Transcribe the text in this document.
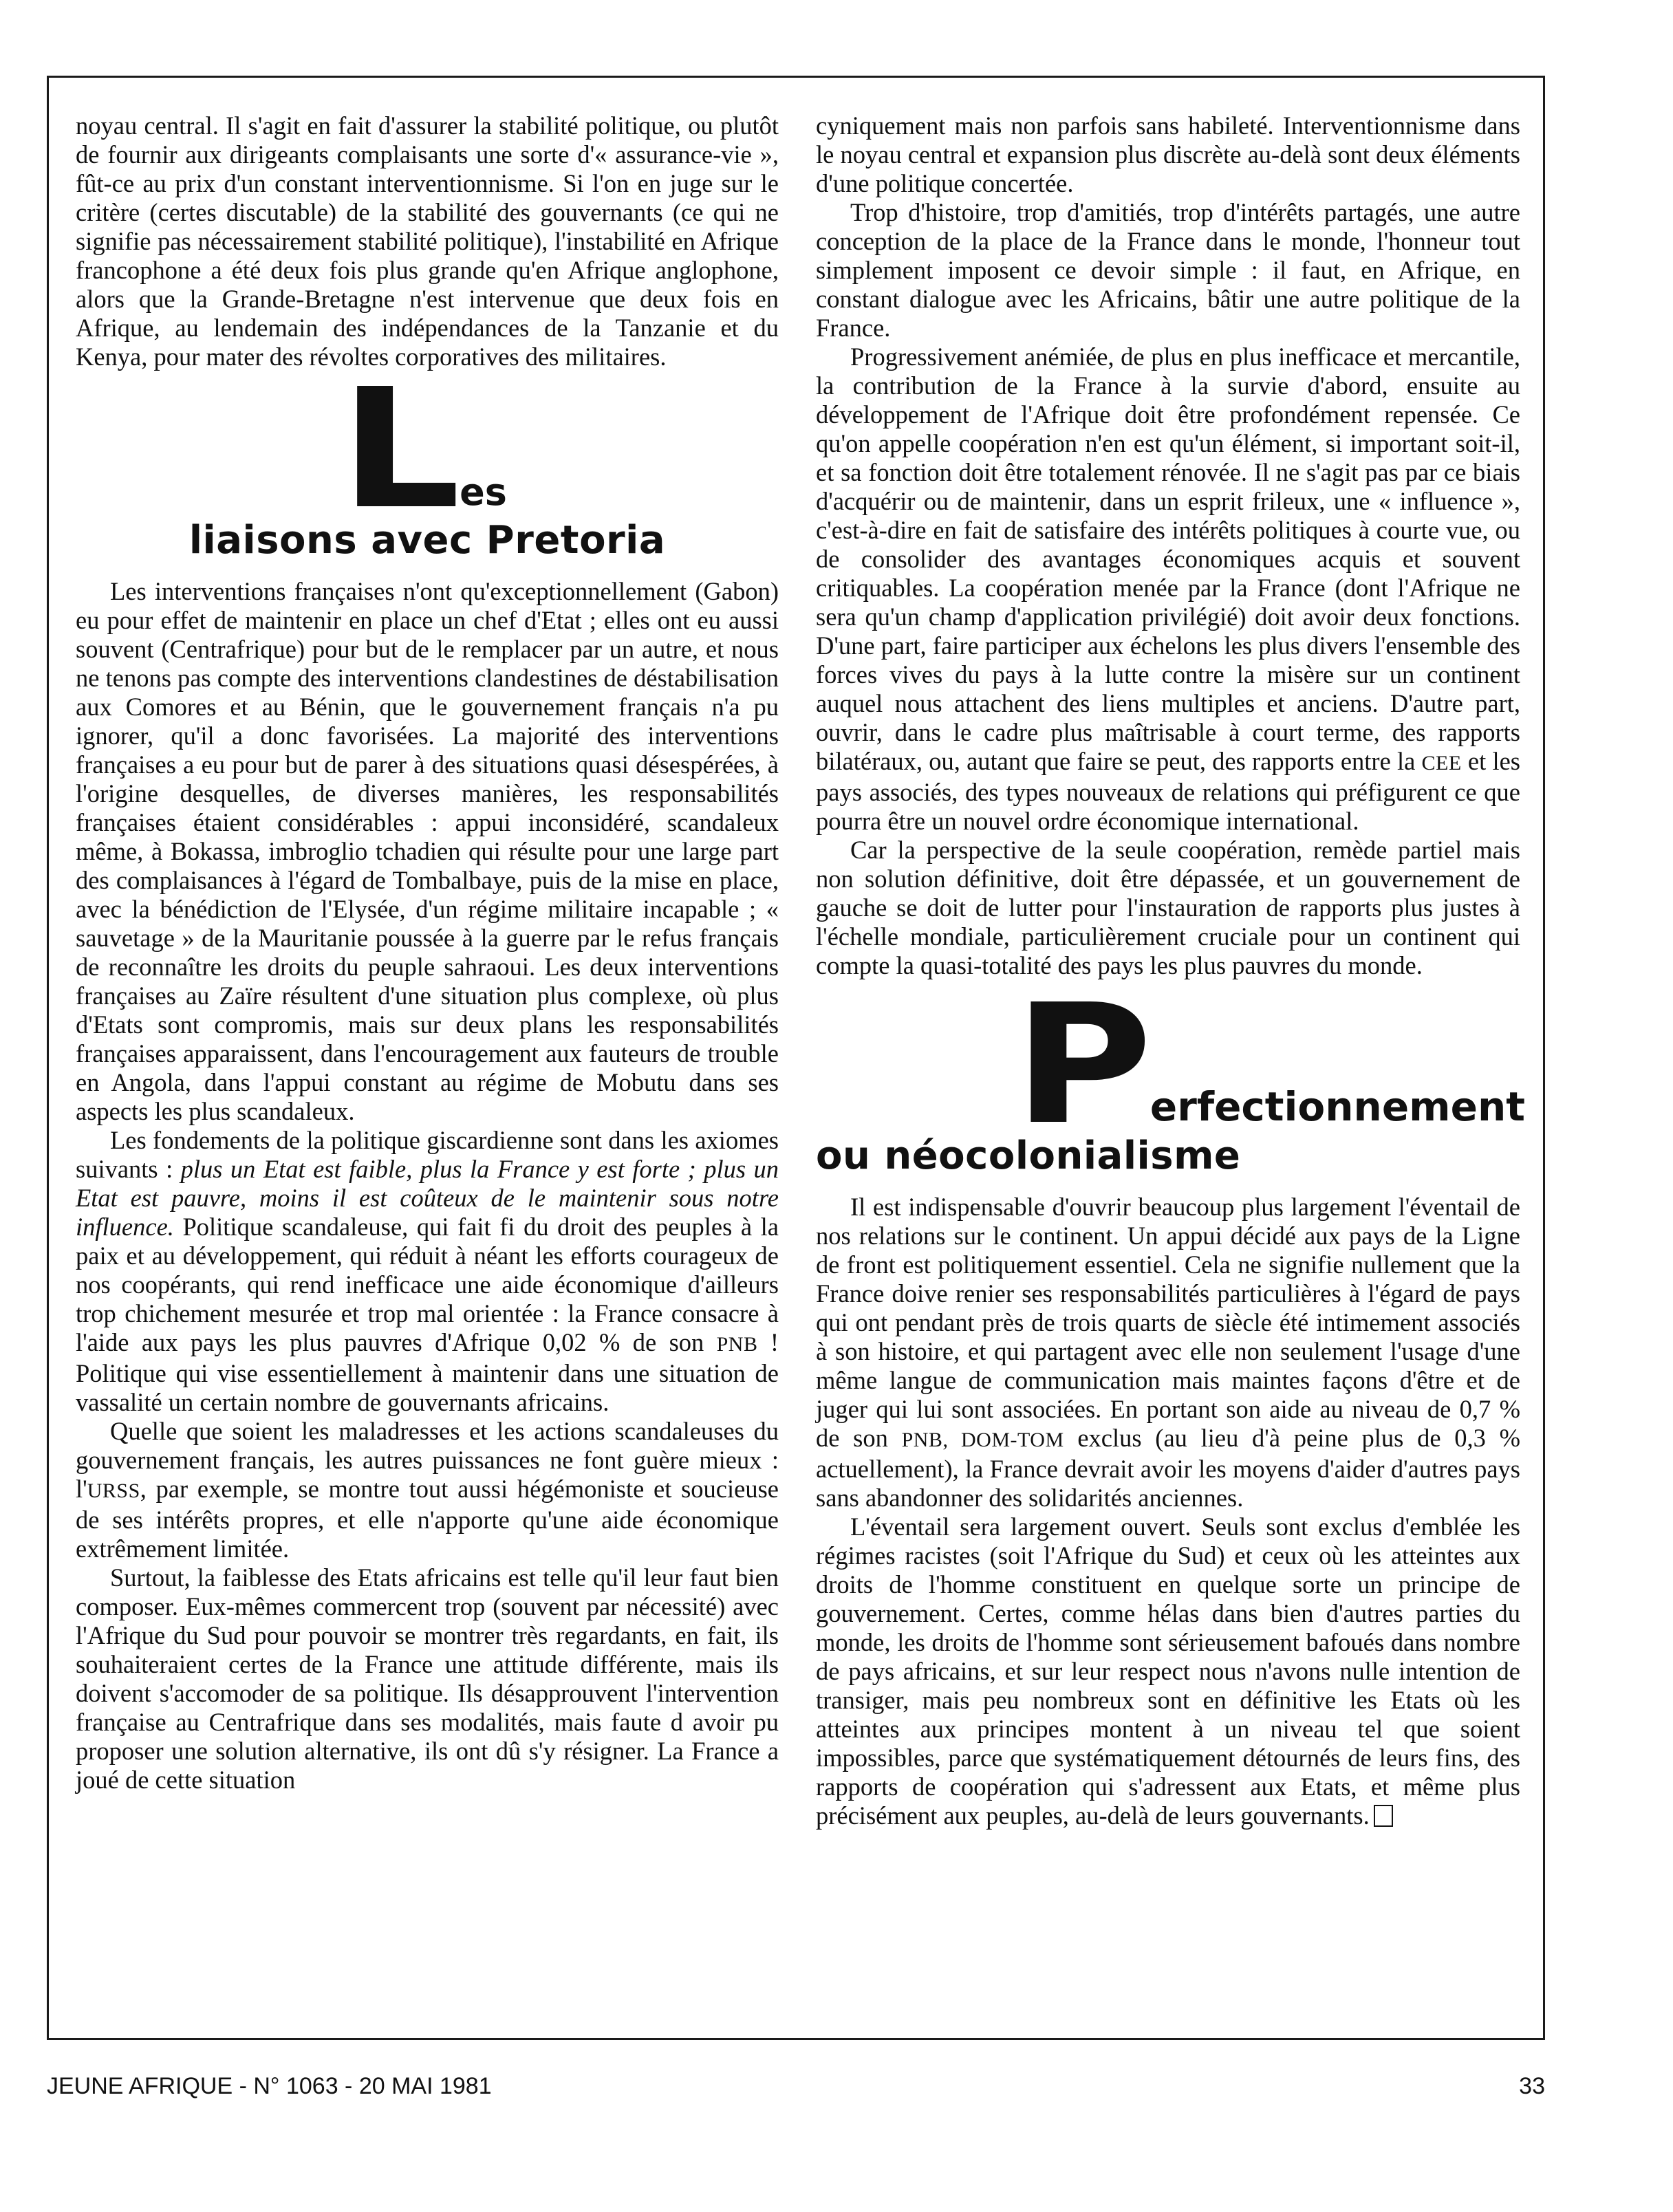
noyau central. Il s'agit en fait d'assurer la stabilité politique, ou plutôt de fournir aux dirigeants complaisants une sorte d'« assurance-vie », fût-ce au prix d'un constant interventionnisme. Si l'on en juge sur le critère (certes discutable) de la stabilité des gouvernants (ce qui ne signifie pas nécessairement stabilité politique), l'instabilité en Afrique francophone a été deux fois plus grande qu'en Afrique anglophone, alors que la Grande-Bretagne n'est intervenue que deux fois en Afrique, au lendemain des indépendances de la Tanzanie et du Kenya, pour mater des révoltes corporatives des militaires.

L es
liaisons avec Pretoria

Les interventions françaises n'ont qu'exceptionnellement (Gabon) eu pour effet de maintenir en place un chef d'Etat ; elles ont eu aussi souvent (Centrafrique) pour but de le remplacer par un autre, et nous ne tenons pas compte des interventions clandestines de déstabilisation aux Comores et au Bénin, que le gouvernement français n'a pu ignorer, qu'il a donc favorisées. La majorité des interventions françaises a eu pour but de parer à des situations quasi désespérées, à l'origine desquelles, de diverses manières, les responsabilités françaises étaient considérables : appui inconsidéré, scandaleux même, à Bokassa, imbroglio tchadien qui résulte pour une large part des complaisances à l'égard de Tombalbaye, puis de la mise en place, avec la bénédiction de l'Elysée, d'un régime militaire incapable ; « sauvetage » de la Mauritanie poussée à la guerre par le refus français de reconnaître les droits du peuple sahraoui. Les deux interventions françaises au Zaïre résultent d'une situation plus complexe, où plus d'Etats sont compromis, mais sur deux plans les responsabilités françaises apparaissent, dans l'encouragement aux fauteurs de trouble en Angola, dans l'appui constant au régime de Mobutu dans ses aspects les plus scandaleux.

Les fondements de la politique giscardienne sont dans les axiomes suivants : plus un Etat est faible, plus la France y est forte ; plus un Etat est pauvre, moins il est coûteux de le maintenir sous notre influence. Politique scandaleuse, qui fait fi du droit des peuples à la paix et au développement, qui réduit à néant les efforts courageux de nos coopérants, qui rend inefficace une aide économique d'ailleurs trop chichement mesurée et trop mal orientée : la France consacre à l'aide aux pays les plus pauvres d'Afrique 0,02 % de son PNB ! Politique qui vise essentiellement à maintenir dans une situation de vassalité un certain nombre de gouvernants africains.

Quelle que soient les maladresses et les actions scandaleuses du gouvernement français, les autres puissances ne font guère mieux : l'URSS, par exemple, se montre tout aussi hégémoniste et soucieuse de ses intérêts propres, et elle n'apporte qu'une aide économique extrêmement limitée.

Surtout, la faiblesse des Etats africains est telle qu'il leur faut bien composer. Eux-mêmes commercent trop (souvent par nécessité) avec l'Afrique du Sud pour pouvoir se montrer très regardants, en fait, ils souhaiteraient certes de la France une attitude différente, mais ils doivent s'accomoder de sa politique. Ils désapprouvent l'intervention française au Centrafrique dans ses modalités, mais faute d avoir pu proposer une solution alternative, ils ont dû s'y résigner. La France a joué de cette situation

cyniquement mais non parfois sans habileté. Interventionnisme dans le noyau central et expansion plus discrète au-delà sont deux éléments d'une politique concertée.

Trop d'histoire, trop d'amitiés, trop d'intérêts partagés, une autre conception de la place de la France dans le monde, l'honneur tout simplement imposent ce devoir simple : il faut, en Afrique, en constant dialogue avec les Africains, bâtir une autre politique de la France.

Progressivement anémiée, de plus en plus inefficace et mercantile, la contribution de la France à la survie d'abord, ensuite au développement de l'Afrique doit être profondément repensée. Ce qu'on appelle coopération n'en est qu'un élément, si important soit-il, et sa fonction doit être totalement rénovée. Il ne s'agit pas par ce biais d'acquérir ou de maintenir, dans un esprit frileux, une « influence », c'est-à-dire en fait de satisfaire des intérêts politiques à courte vue, ou de consolider des avantages économiques acquis et souvent critiquables. La coopération menée par la France (dont l'Afrique ne sera qu'un champ d'application privilégié) doit avoir deux fonctions. D'une part, faire participer aux échelons les plus divers l'ensemble des forces vives du pays à la lutte contre la misère sur un continent auquel nous attachent des liens multiples et anciens. D'autre part, ouvrir, dans le cadre plus maîtrisable à court terme, des rapports bilatéraux, ou, autant que faire se peut, des rapports entre la CEE et les pays associés, des types nouveaux de relations qui préfigurent ce que pourra être un nouvel ordre économique international.

Car la perspective de la seule coopération, remède partiel mais non solution définitive, doit être dépassée, et un gouvernement de gauche se doit de lutter pour l'instauration de rapports plus justes à l'échelle mondiale, particulièrement cruciale pour un continent qui compte la quasi-totalité des pays les plus pauvres du monde.

P erfectionnement
ou néocolonialisme

Il est indispensable d'ouvrir beaucoup plus largement l'éventail de nos relations sur le continent. Un appui décidé aux pays de la Ligne de front est politiquement essentiel. Cela ne signifie nullement que la France doive renier ses responsabilités particulières à l'égard de pays qui ont pendant près de trois quarts de siècle été intimement associés à son histoire, et qui partagent avec elle non seulement l'usage d'une même langue de communication mais maintes façons d'être et de juger qui lui sont associées. En portant son aide au niveau de 0,7 % de son PNB, DOM-TOM exclus (au lieu d'à peine plus de 0,3 % actuellement), la France devrait avoir les moyens d'aider d'autres pays sans abandonner des solidarités anciennes.

L'éventail sera largement ouvert. Seuls sont exclus d'emblée les régimes racistes (soit l'Afrique du Sud) et ceux où les atteintes aux droits de l'homme constituent en quelque sorte un principe de gouvernement. Certes, comme hélas dans bien d'autres parties du monde, les droits de l'homme sont sérieusement bafoués dans nombre de pays africains, et sur leur respect nous n'avons nulle intention de transiger, mais peu nombreux sont en définitive les Etats où les atteintes aux principes montent à un niveau tel que soient impossibles, parce que systématiquement détournés de leurs fins, des rapports de coopération qui s'adressent aux Etats, et même plus précisément aux peuples, au-delà de leurs gouvernants.

JEUNE AFRIQUE - N° 1063 - 20 MAI 1981	33
